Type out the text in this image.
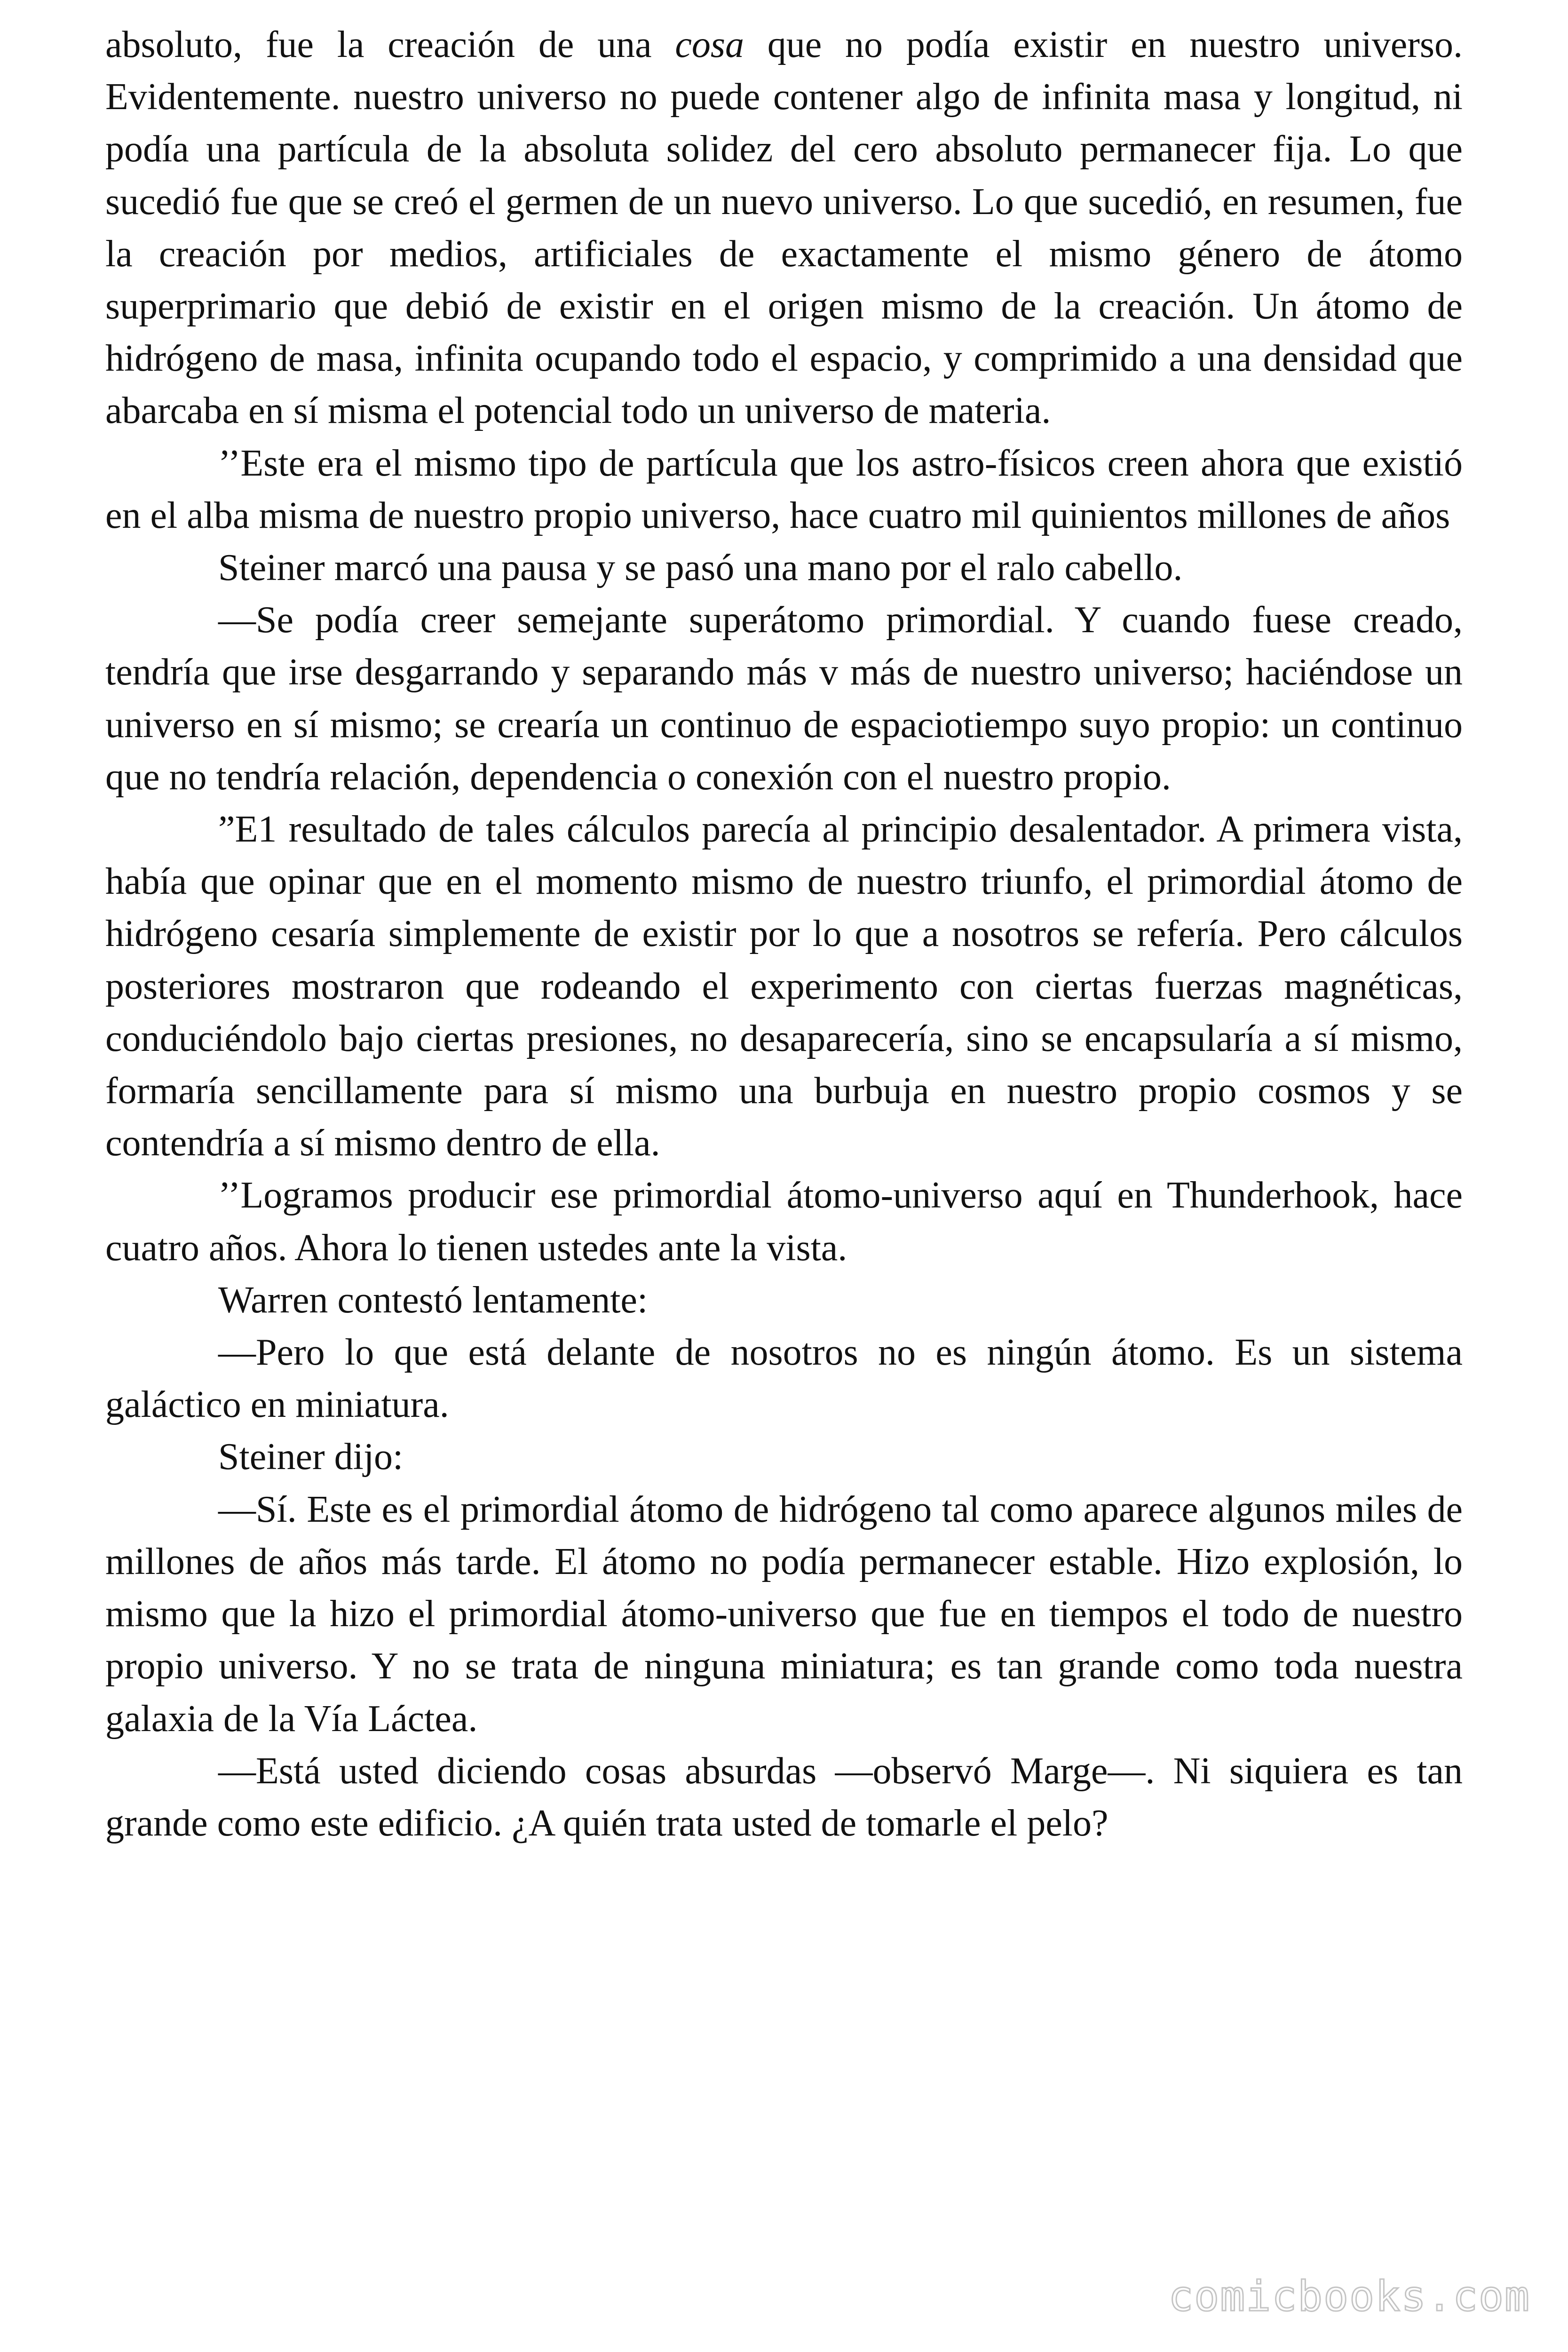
absoluto, fue la creación de una cosa que no podía existir en nuestro universo. Evidentemente. nuestro universo no puede contener algo de infinita masa y longitud, ni podía una partícula de la absoluta solidez del cero absoluto permanecer fija. Lo que sucedió fue que se creó el germen de un nuevo universo. Lo que sucedió, en resumen, fue la creación por medios, artificiales de exactamente el mismo género de átomo superprimario que debió de existir en el origen mismo de la creación. Un átomo de hidrógeno de masa, infinita ocupando todo el espacio, y comprimido a una densidad que abarcaba en sí misma el potencial todo un universo de materia.

’’Este era el mismo tipo de partícula que los astro-físicos creen ahora que existió en el alba misma de nuestro propio universo, hace cuatro mil quinientos millones de años

Steiner marcó una pausa y se pasó una mano por el ralo cabello.

—Se podía creer semejante superátomo primordial. Y cuando fuese creado, tendría que irse desgarrando y separando más v más de nuestro universo; haciéndose un universo en sí mismo; se crearía un continuo de espaciotiempo suyo propio: un continuo que no tendría relación, dependencia o conexión con el nuestro propio.

”E1 resultado de tales cálculos parecía al principio desalentador. A primera vista, había que opinar que en el momento mismo de nuestro triunfo, el primordial átomo de hidrógeno cesaría simplemente de existir por lo que a nosotros se refería. Pero cálculos posteriores mostraron que rodeando el experimento con ciertas fuerzas magnéticas, conduciéndolo bajo ciertas presiones, no desaparecería, sino se encapsularía a sí mismo, formaría sencillamente para sí mismo una burbuja en nuestro propio cosmos y se contendría a sí mismo dentro de ella.

’’Logramos producir ese primordial átomo-universo aquí en Thunderhook, hace cuatro años. Ahora lo tienen ustedes ante la vista.

Warren contestó lentamente:

—Pero lo que está delante de nosotros no es ningún átomo. Es un sistema galáctico en miniatura.

Steiner dijo:

—Sí. Este es el primordial átomo de hidrógeno tal como aparece algunos miles de millones de años más tarde. El átomo no podía permanecer estable. Hizo explosión, lo mismo que la hizo el primordial átomo-universo que fue en tiempos el todo de nuestro propio universo. Y no se trata de ninguna miniatura; es tan grande como toda nuestra galaxia de la Vía Láctea.

—Está usted diciendo cosas absurdas —observó Marge—. Ni siquiera es tan grande como este edificio. ¿A quién trata usted de tomarle el pelo?

comicbooks.com
